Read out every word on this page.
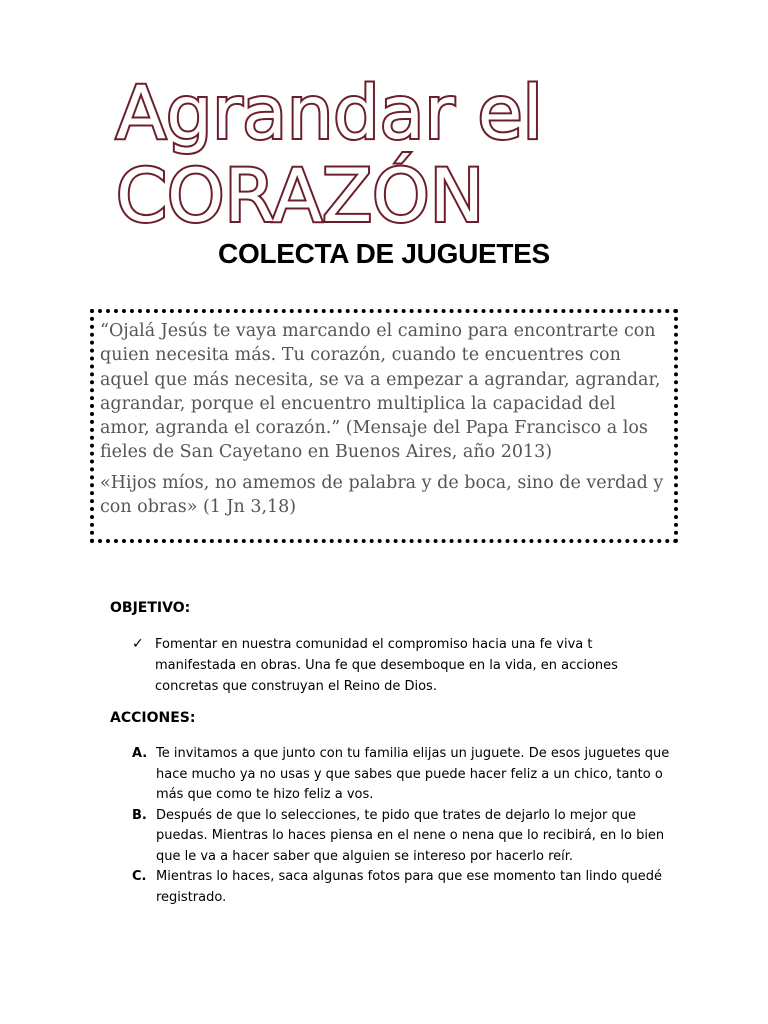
Agrandar el
CORAZÓN
COLECTA DE JUGUETES

“Ojalá Jesús te vaya marcando el camino para encontrarte con quien necesita más. Tu corazón, cuando te encuentres con aquel que más necesita, se va a empezar a agrandar, agrandar, agrandar, porque el encuentro multiplica la capacidad del amor, agranda el corazón.” (Mensaje del Papa Francisco a los fieles de San Cayetano en Buenos Aires, año 2013)

«Hijos míos, no amemos de palabra y de boca, sino de verdad y con obras» (1 Jn 3,18)

OBJETIVO:
✓ Fomentar en nuestra comunidad el compromiso hacia una fe viva t manifestada en obras. Una fe que desemboque en la vida, en acciones concretas que construyan el Reino de Dios.
ACCIONES:
A. Te invitamos a que junto con tu familia elijas un juguete. De esos juguetes que hace mucho ya no usas y que sabes que puede hacer feliz a un chico, tanto o más que como te hizo feliz a vos.
B. Después de que lo selecciones, te pido que trates de dejarlo lo mejor que puedas. Mientras lo haces piensa en el nene o nena que lo recibirá, en lo bien que le va a hacer saber que alguien se intereso por hacerlo reír.
C. Mientras lo haces, saca algunas fotos para que ese momento tan lindo quedé registrado.
